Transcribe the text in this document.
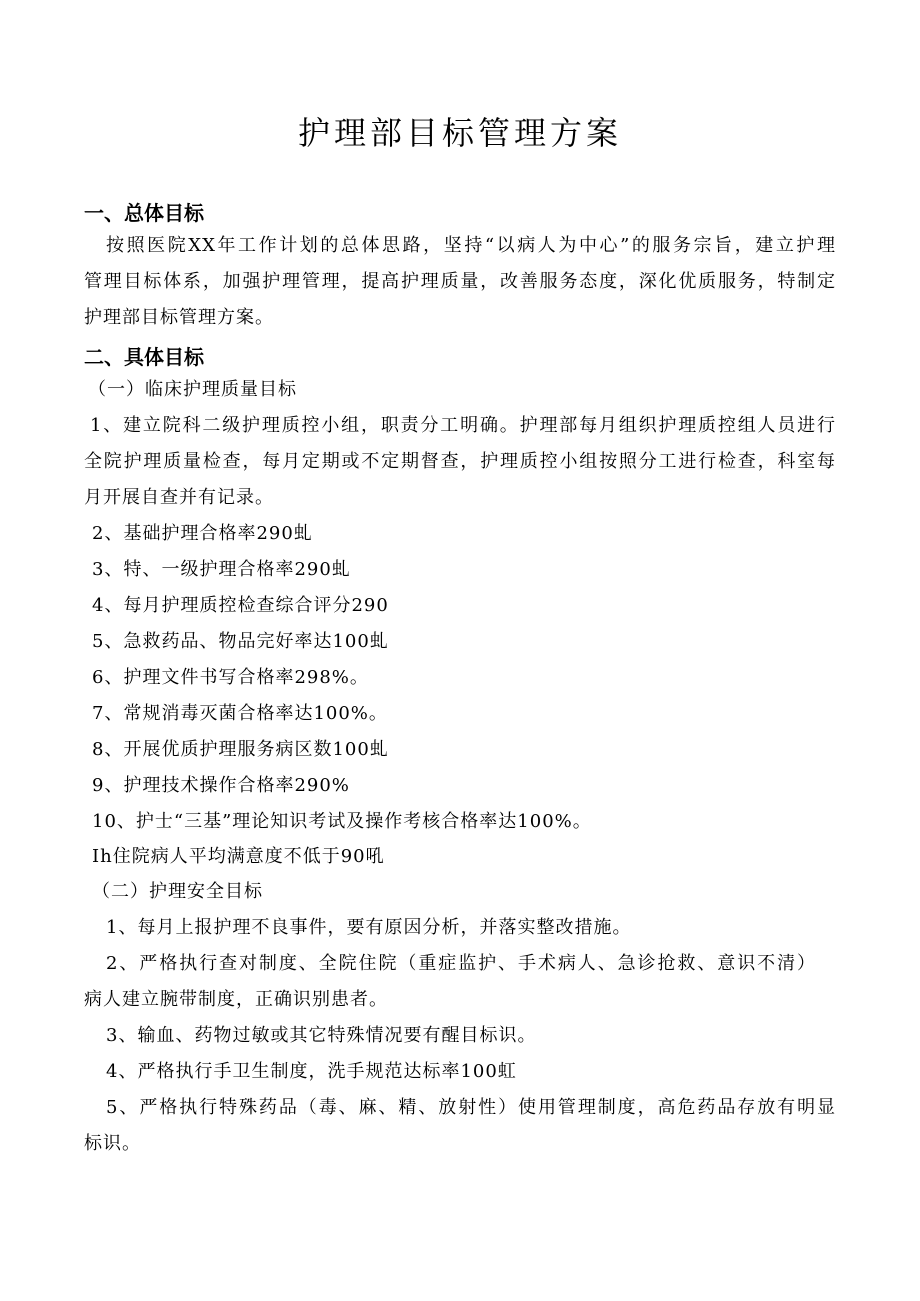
护理部目标管理方案
一、总体目标
按照医院XX年工作计划的总体思路，坚持“以病人为中心”的服务宗旨，建立护理
管理目标体系，加强护理管理，提高护理质量，改善服务态度，深化优质服务，特制定
护理部目标管理方案。
二、具体目标
（一）临床护理质量目标
1、建立院科二级护理质控小组，职责分工明确。护理部每月组织护理质控组人员进行
全院护理质量检查，每月定期或不定期督查，护理质控小组按照分工进行检查，科室每
月开展自查并有记录。
2、基础护理合格率290虬
3、特、一级护理合格率290虬
4、每月护理质控检查综合评分290
5、急救药品、物品完好率达100虬
6、护理文件书写合格率298%。
7、常规消毒灭菌合格率达100%。
8、开展优质护理服务病区数100虬
9、护理技术操作合格率290%
10、护士“三基”理论知识考试及操作考核合格率达100%。
Ih住院病人平均满意度不低于90吼
（二）护理安全目标
1、每月上报护理不良事件，要有原因分析，并落实整改措施。
2、严格执行查对制度、全院住院（重症监护、手术病人、急诊抢救、意识不清）
病人建立腕带制度，正确识别患者。
3、输血、药物过敏或其它特殊情况要有醒目标识。
4、严格执行手卫生制度，洗手规范达标率100虹
5、严格执行特殊药品（毒、麻、精、放射性）使用管理制度，高危药品存放有明显
标识。
